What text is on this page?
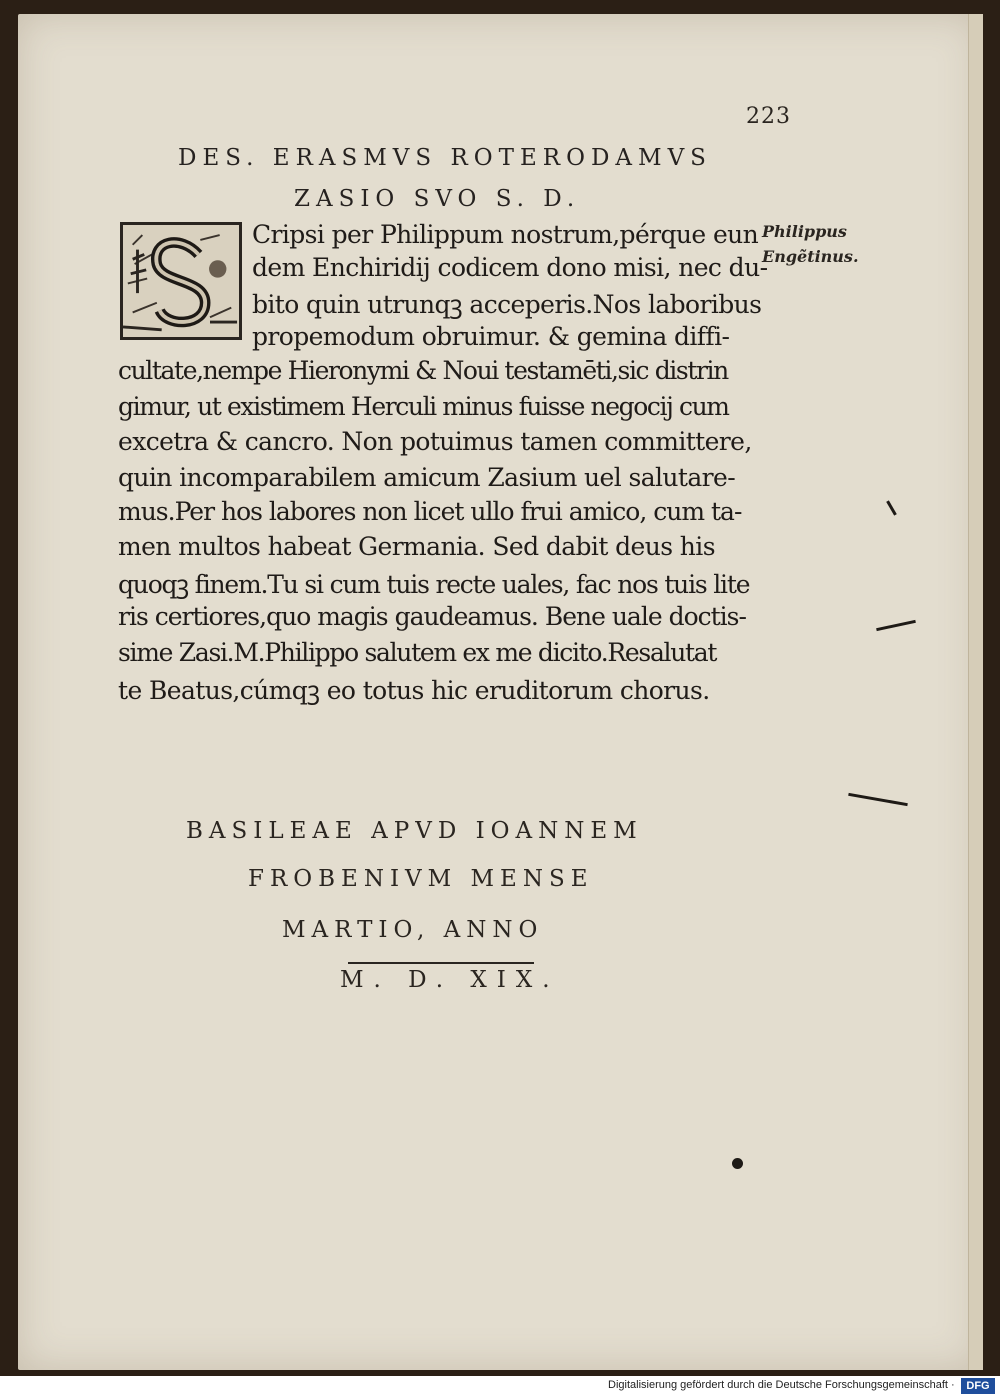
223
DES. ERASMVS ROTERODAMVS
ZASIO SVO S. D.
Cripsi per Philippum nostrum,pérque eun
dem Enchiridij codicem dono misi, nec du-
bito quin utrunqꝫ acceperis.Nos laboribus
propemodum obruimur. & gemina diffi-
cultate,nempe Hieronymi & Noui testamēti,sic distrin
gimur, ut existimem Herculi minus fuisse negocij cum
excetra & cancro. Non potuimus tamen committere,
quin incomparabilem amicum Zasium uel salutare-
mus.Per hos labores non licet ullo frui amico, cum ta-
men multos habeat Germania. Sed dabit deus his
quoqꝫ finem.Tu si cum tuis recte uales, fac nos tuis lite
ris certiores,quo magis gaudeamus. Bene uale doctis-
sime Zasi.M.Philippo salutem ex me dicito.Resalutat
te Beatus,cúmqꝫ eo totus hic eruditorum chorus.
Philippus
Engẽtinus.
BASILEAE APVD IOANNEM
FROBENIVM MENSE
MARTIO, ANNO
M. D. XIX.
Digitalisierung gefördert durch die Deutsche Forschungsgemeinschaft ·	DFG
